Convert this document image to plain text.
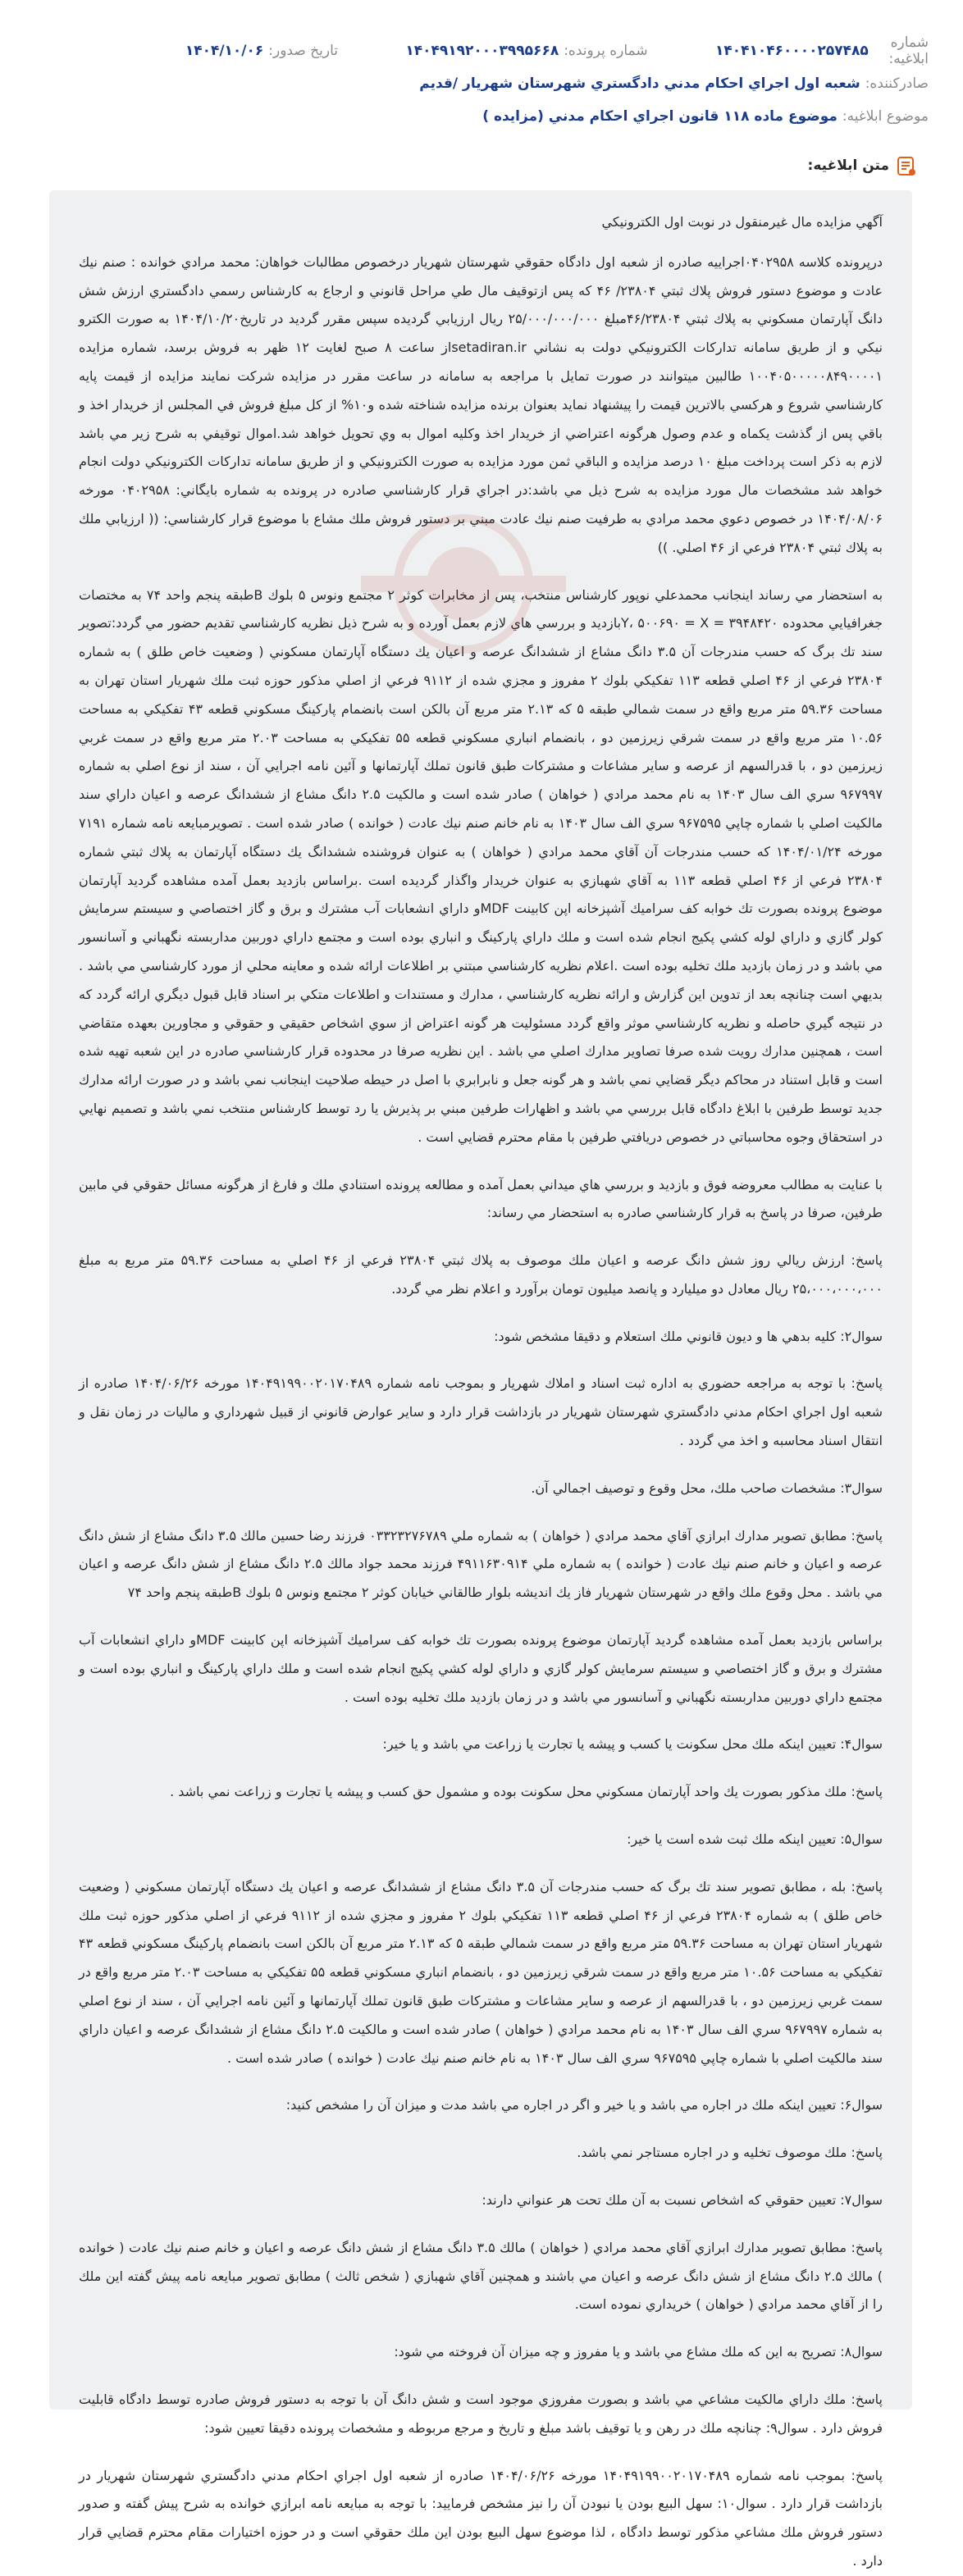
شماره ابلاغيه:
۱۴۰۴۱۰۴۶۰۰۰۰۲۵۷۴۸۵
شماره پرونده:
۱۴۰۴۹۱۹۲۰۰۰۳۹۹۵۶۶۸
تاريخ صدور:
۱۴۰۴/۱۰/۰۶
صادركننده:
شعبه اول اجراي احكام مدني دادگستري شهرستان شهريار /قديم
موضوع ابلاغيه:
موضوع ماده ۱۱۸ قانون اجراي احكام مدني (مزايده )
متن ابلاغيه:

آگهي مزايده مال غيرمنقول در نوبت اول الكترونيكي

درپرونده كلاسه ۰۴۰۲۹۵۸اجراييه صادره از شعبه اول دادگاه حقوقي شهرستان شهريار درخصوص مطالبات خواهان: محمد مرادي خوانده : صنم نيك عادت و موضوع دستور فروش پلاك ثبتي ۲۳۸۰۴/ ۴۶ كه پس ازتوقيف مال طي مراحل قانوني و ارجاع به كارشناس رسمي دادگستري ارزش شش دانگ آپارتمان مسكوني به پلاك ثبتي ۴۶/۲۳۸۰۴مبلغ ۲۵/۰۰۰/۰۰۰/۰۰۰ ريال ارزيابي گرديده سپس مقرر گرديد در تاريخ۱۴۰۴/۱۰/۲۰ به صورت الكترو نيكي و از طريق سامانه تداركات الكترونيكي دولت به نشاني setadiran.irاز ساعت ۸ صبح لغايت ۱۲ ظهر به فروش برسد، شماره مزايده ۱۰۰۴۰۵۰۰۰۰۰۸۴۹۰۰۰۰۱ طالبين ميتوانند در صورت تمايل با مراجعه به سامانه در ساعت مقرر در مزايده شركت نمايند مزايده از قيمت پايه كارشناسي شروع و هركسي بالاترين قيمت را پيشنهاد نمايد بعنوان برنده مزايده شناخته شده و۱۰% از كل مبلغ فروش في المجلس از خريدار اخذ و باقي پس از گذشت يكماه و عدم وصول هرگونه اعتراضي از خريدار اخذ وكليه اموال به وي تحويل خواهد شد.اموال توقيفي به شرح زير مي باشد لازم به ذكر است پرداخت مبلغ ۱۰ درصد مزايده و الباقي ثمن مورد مزايده به صورت الكترونيكي و از طريق سامانه تداركات الكترونيكي دولت انجام خواهد شد مشخصات مال مورد مزايده به شرح ذيل مي باشد:در اجراي قرار كارشناسي صادره در پرونده به شماره بايگاني: ۰۴۰۲۹۵۸ مورخه ۱۴۰۴/۰۸/۰۶ در خصوص دعوي محمد مرادي به طرفيت صنم نيك عادت مبني بر دستور فروش ملك مشاع با موضوع قرار كارشناسي: (( ارزيابي ملك به پلاك ثبتي ۲۳۸۰۴ فرعي از ۴۶ اصلي. ))

به استحضار مي رساند اينجانب محمدعلي نوپور كارشناس منتخب، پس از مخابرات كوثر ۲ مجتمع ونوس ۵ بلوك Bطبقه پنجم واحد ۷۴ به مختصات جغرافيايي محدوده ۳۹۴۸۴۲۰ = Y، ۵۰۰۶۹۰ = Xبازديد و بررسي هاي لازم بعمل آورده و به شرح ذيل نظريه كارشناسي تقديم حضور مي گردد:تصوير سند تك برگ كه حسب مندرجات آن ۳.۵ دانگ مشاع از ششدانگ عرصه و اعيان يك دستگاه آپارتمان مسكوني ( وضعيت خاص طلق ) به شماره ۲۳۸۰۴ فرعي از ۴۶ اصلي قطعه ۱۱۳ تفكيكي بلوك ۲ مفروز و مجزي شده از ۹۱۱۲ فرعي از اصلي مذكور حوزه ثبت ملك شهريار استان تهران به مساحت ۵۹.۳۶ متر مربع واقع در سمت شمالي طبقه ۵ كه ۲.۱۳ متر مربع آن بالكن است بانضمام پاركينگ مسكوني قطعه ۴۳ تفكيكي به مساحت ۱۰.۵۶ متر مربع واقع در سمت شرقي زيرزمين دو ، بانضمام انباري مسكوني قطعه ۵۵ تفكيكي به مساحت ۲.۰۳ متر مربع واقع در سمت غربي زيرزمين دو ، با قدرالسهم از عرصه و ساير مشاعات و مشتركات طبق قانون تملك آپارتمانها و آئين نامه اجرايي آن ، سند از نوع اصلي به شماره ۹۶۷۹۹۷ سري الف سال ۱۴۰۳ به نام محمد مرادي ( خواهان ) صادر شده است و مالكيت ۲.۵ دانگ مشاع از ششدانگ عرصه و اعيان داراي سند مالكيت اصلي با شماره چاپي ۹۶۷۵۹۵ سري الف سال ۱۴۰۳ به نام خانم صنم نيك عادت ( خوانده ) صادر شده است . تصويرمبايعه نامه شماره ۷۱۹۱ مورخه ۱۴۰۴/۰۱/۲۴ كه حسب مندرجات آن آقاي محمد مرادي ( خواهان ) به عنوان فروشنده ششدانگ يك دستگاه آپارتمان به پلاك ثبتي شماره ۲۳۸۰۴ فرعي از ۴۶ اصلي قطعه ۱۱۳ به آقاي شهبازي به عنوان خريدار واگذار گرديده است .براساس بازديد بعمل آمده مشاهده گرديد آپارتمان موضوع پرونده بصورت تك خوابه كف سراميك آشپزخانه اپن كابينت MDFو داراي انشعابات آب مشترك و برق و گاز اختصاصي و سيستم سرمايش كولر گازي و داراي لوله كشي پكيج انجام شده است و ملك داراي پاركينگ و انباري بوده است و مجتمع داراي دوربين مداربسته نگهباني و آسانسور مي باشد و در زمان بازديد ملك تخليه بوده است .اعلام نظريه كارشناسي مبتني بر اطلاعات ارائه شده و معاينه محلي از مورد كارشناسي مي باشد . بديهي است چنانچه بعد از تدوين اين گزارش و ارائه نظريه كارشناسي ، مدارك و مستندات و اطلاعات متكي بر اسناد قابل قبول ديگري ارائه گردد كه در نتيجه گيري حاصله و نظريه كارشناسي موثر واقع گردد مسئوليت هر گونه اعتراض از سوي اشخاص حقيقي و حقوقي و مجاورين بعهده متقاضي است ، همچنين مدارك رويت شده صرفا تصاوير مدارك اصلي مي باشد . اين نظريه صرفا در محدوده قرار كارشناسي صادره در اين شعبه تهيه شده است و قابل استناد در محاكم ديگر قضايي نمي باشد و هر گونه جعل و نابرابري با اصل در حيطه صلاحيت اينجانب نمي باشد و در صورت ارائه مدارك جديد توسط طرفين با ابلاغ دادگاه قابل بررسي مي باشد و اظهارات طرفين مبني بر پذيرش يا رد توسط كارشناس منتخب نمي باشد و تصميم نهايي در استحقاق وجوه محاسباتي در خصوص دريافتي طرفين با مقام محترم قضايي است .

با عنايت به مطالب معروضه فوق و بازديد و بررسي هاي ميداني بعمل آمده و مطالعه پرونده استنادي ملك و فارغ از هرگونه مسائل حقوقي في مابين طرفين، صرفا در پاسخ به قرار كارشناسي صادره به استحضار مي رساند:

پاسخ: ارزش ريالي روز شش دانگ عرصه و اعيان ملك موصوف به پلاك ثبتي ۲۳۸۰۴ فرعي از ۴۶ اصلي به مساحت ۵۹.۳۶ متر مربع به مبلغ ۲۵،۰۰۰،۰۰۰،۰۰۰ ريال معادل دو ميليارد و پانصد ميليون تومان برآورد و اعلام نظر مي گردد.

سوال۲: كليه بدهي ها و ديون قانوني ملك استعلام و دقيقا مشخص شود:

پاسخ: با توجه به مراجعه حضوري به اداره ثبت اسناد و املاك شهريار و بموجب نامه شماره ۱۴۰۴۹۱۹۹۰۰۲۰۱۷۰۴۸۹ مورخه ۱۴۰۴/۰۶/۲۶ صادره از شعبه اول اجراي احكام مدني دادگستري شهرستان شهريار در بازداشت قرار دارد و ساير عوارض قانوني از قبيل شهرداري و ماليات در زمان نقل و انتقال اسناد محاسبه و اخذ مي گردد .

سوال۳: مشخصات صاحب ملك، محل وقوع و توصيف اجمالي آن.

پاسخ: مطابق تصوير مدارك ابرازي آقاي محمد مرادي ( خواهان ) به شماره ملي ۰۳۳۲۳۲۷۶۷۸۹ فرزند رضا حسين مالك ۳.۵ دانگ مشاع از شش دانگ عرصه و اعيان و خانم صنم نيك عادت ( خوانده ) به شماره ملي ۴۹۱۱۶۳۰۹۱۴ فرزند محمد جواد مالك ۲.۵ دانگ مشاع از شش دانگ عرصه و اعيان مي باشد . محل وقوع ملك واقع در شهرستان شهريار فاز يك انديشه بلوار طالقاني خيابان كوثر ۲ مجتمع ونوس ۵ بلوك Bطبقه پنجم واحد ۷۴

براساس بازديد بعمل آمده مشاهده گرديد آپارتمان موضوع پرونده بصورت تك خوابه كف سراميك آشپزخانه اپن كابينت MDFو داراي انشعابات آب مشترك و برق و گاز اختصاصي و سيستم سرمايش كولر گازي و داراي لوله كشي پكيج انجام شده است و ملك داراي پاركينگ و انباري بوده است و مجتمع داراي دوربين مداربسته نگهباني و آسانسور مي باشد و در زمان بازديد ملك تخليه بوده است .

سوال۴: تعيين اينكه ملك محل سكونت يا كسب و پيشه يا تجارت يا زراعت مي باشد و يا خير:

پاسخ: ملك مذكور بصورت يك واحد آپارتمان مسكوني محل سكونت بوده و مشمول حق كسب و پيشه يا تجارت و زراعت نمي باشد .

سوال۵: تعيين اينكه ملك ثبت شده است يا خير:

پاسخ: بله ، مطابق تصوير سند تك برگ كه حسب مندرجات آن ۳.۵ دانگ مشاع از ششدانگ عرصه و اعيان يك دستگاه آپارتمان مسكوني ( وضعيت خاص طلق ) به شماره ۲۳۸۰۴ فرعي از ۴۶ اصلي قطعه ۱۱۳ تفكيكي بلوك ۲ مفروز و مجزي شده از ۹۱۱۲ فرعي از اصلي مذكور حوزه ثبت ملك شهريار استان تهران به مساحت ۵۹.۳۶ متر مربع واقع در سمت شمالي طبقه ۵ كه ۲.۱۳ متر مربع آن بالكن است بانضمام پاركينگ مسكوني قطعه ۴۳ تفكيكي به مساحت ۱۰.۵۶ متر مربع واقع در سمت شرقي زيرزمين دو ، بانضمام انباري مسكوني قطعه ۵۵ تفكيكي به مساحت ۲.۰۳ متر مربع واقع در سمت غربي زيرزمين دو ، با قدرالسهم از عرصه و ساير مشاعات و مشتركات طبق قانون تملك آپارتمانها و آئين نامه اجرايي آن ، سند از نوع اصلي به شماره ۹۶۷۹۹۷ سري الف سال ۱۴۰۳ به نام محمد مرادي ( خواهان ) صادر شده است و مالكيت ۲.۵ دانگ مشاع از ششدانگ عرصه و اعيان داراي سند مالكيت اصلي با شماره چاپي ۹۶۷۵۹۵ سري الف سال ۱۴۰۳ به نام خانم صنم نيك عادت ( خوانده ) صادر شده است .

سوال۶: تعيين اينكه ملك در اجاره مي باشد و يا خير و اگر در اجاره مي باشد مدت و ميزان آن را مشخص كنيد:

پاسخ: ملك موصوف تخليه و در اجاره مستاجر نمي باشد.

سوال۷: تعيين حقوقي كه اشخاص نسبت به آن ملك تحت هر عنواني دارند:

پاسخ: مطابق تصوير مدارك ابرازي آقاي محمد مرادي ( خواهان ) مالك ۳.۵ دانگ مشاع از شش دانگ عرصه و اعيان و خانم صنم نيك عادت ( خوانده ) مالك ۲.۵ دانگ مشاع از شش دانگ عرصه و اعيان مي باشند و همچنين آقاي شهبازي ( شخص ثالث ) مطابق تصوير مبايعه نامه پيش گفته اين ملك را از آقاي محمد مرادي ( خواهان ) خريداري نموده است.

سوال۸: تصريح به اين كه ملك مشاع مي باشد و يا مفروز و چه ميزان آن فروخته مي شود:

پاسخ: ملك داراي مالكيت مشاعي مي باشد و بصورت مفروزي موجود است و شش دانگ آن با توجه به دستور فروش صادره توسط دادگاه قابليت فروش دارد . سوال۹: چنانچه ملك در رهن و يا توقيف باشد مبلغ و تاريخ و مرجع مربوطه و مشخصات پرونده دقيقا تعيين شود:

پاسخ: بموجب نامه شماره ۱۴۰۴۹۱۹۹۰۰۲۰۱۷۰۴۸۹ مورخه ۱۴۰۴/۰۶/۲۶ صادره از شعبه اول اجراي احكام مدني دادگستري شهرستان شهريار در بازداشت قرار دارد . سوال۱۰: سهل البيع بودن يا نبودن آن را نيز مشخص فرماييد: با توجه به مبايعه نامه ابرازي خوانده به شرح پيش گفته و صدور دستور فروش ملك مشاعي مذكور توسط دادگاه ، لذا موضوع سهل البيع بودن اين ملك حقوقي است و در حوزه اختيارات مقام محترم قضايي قرار دارد .
